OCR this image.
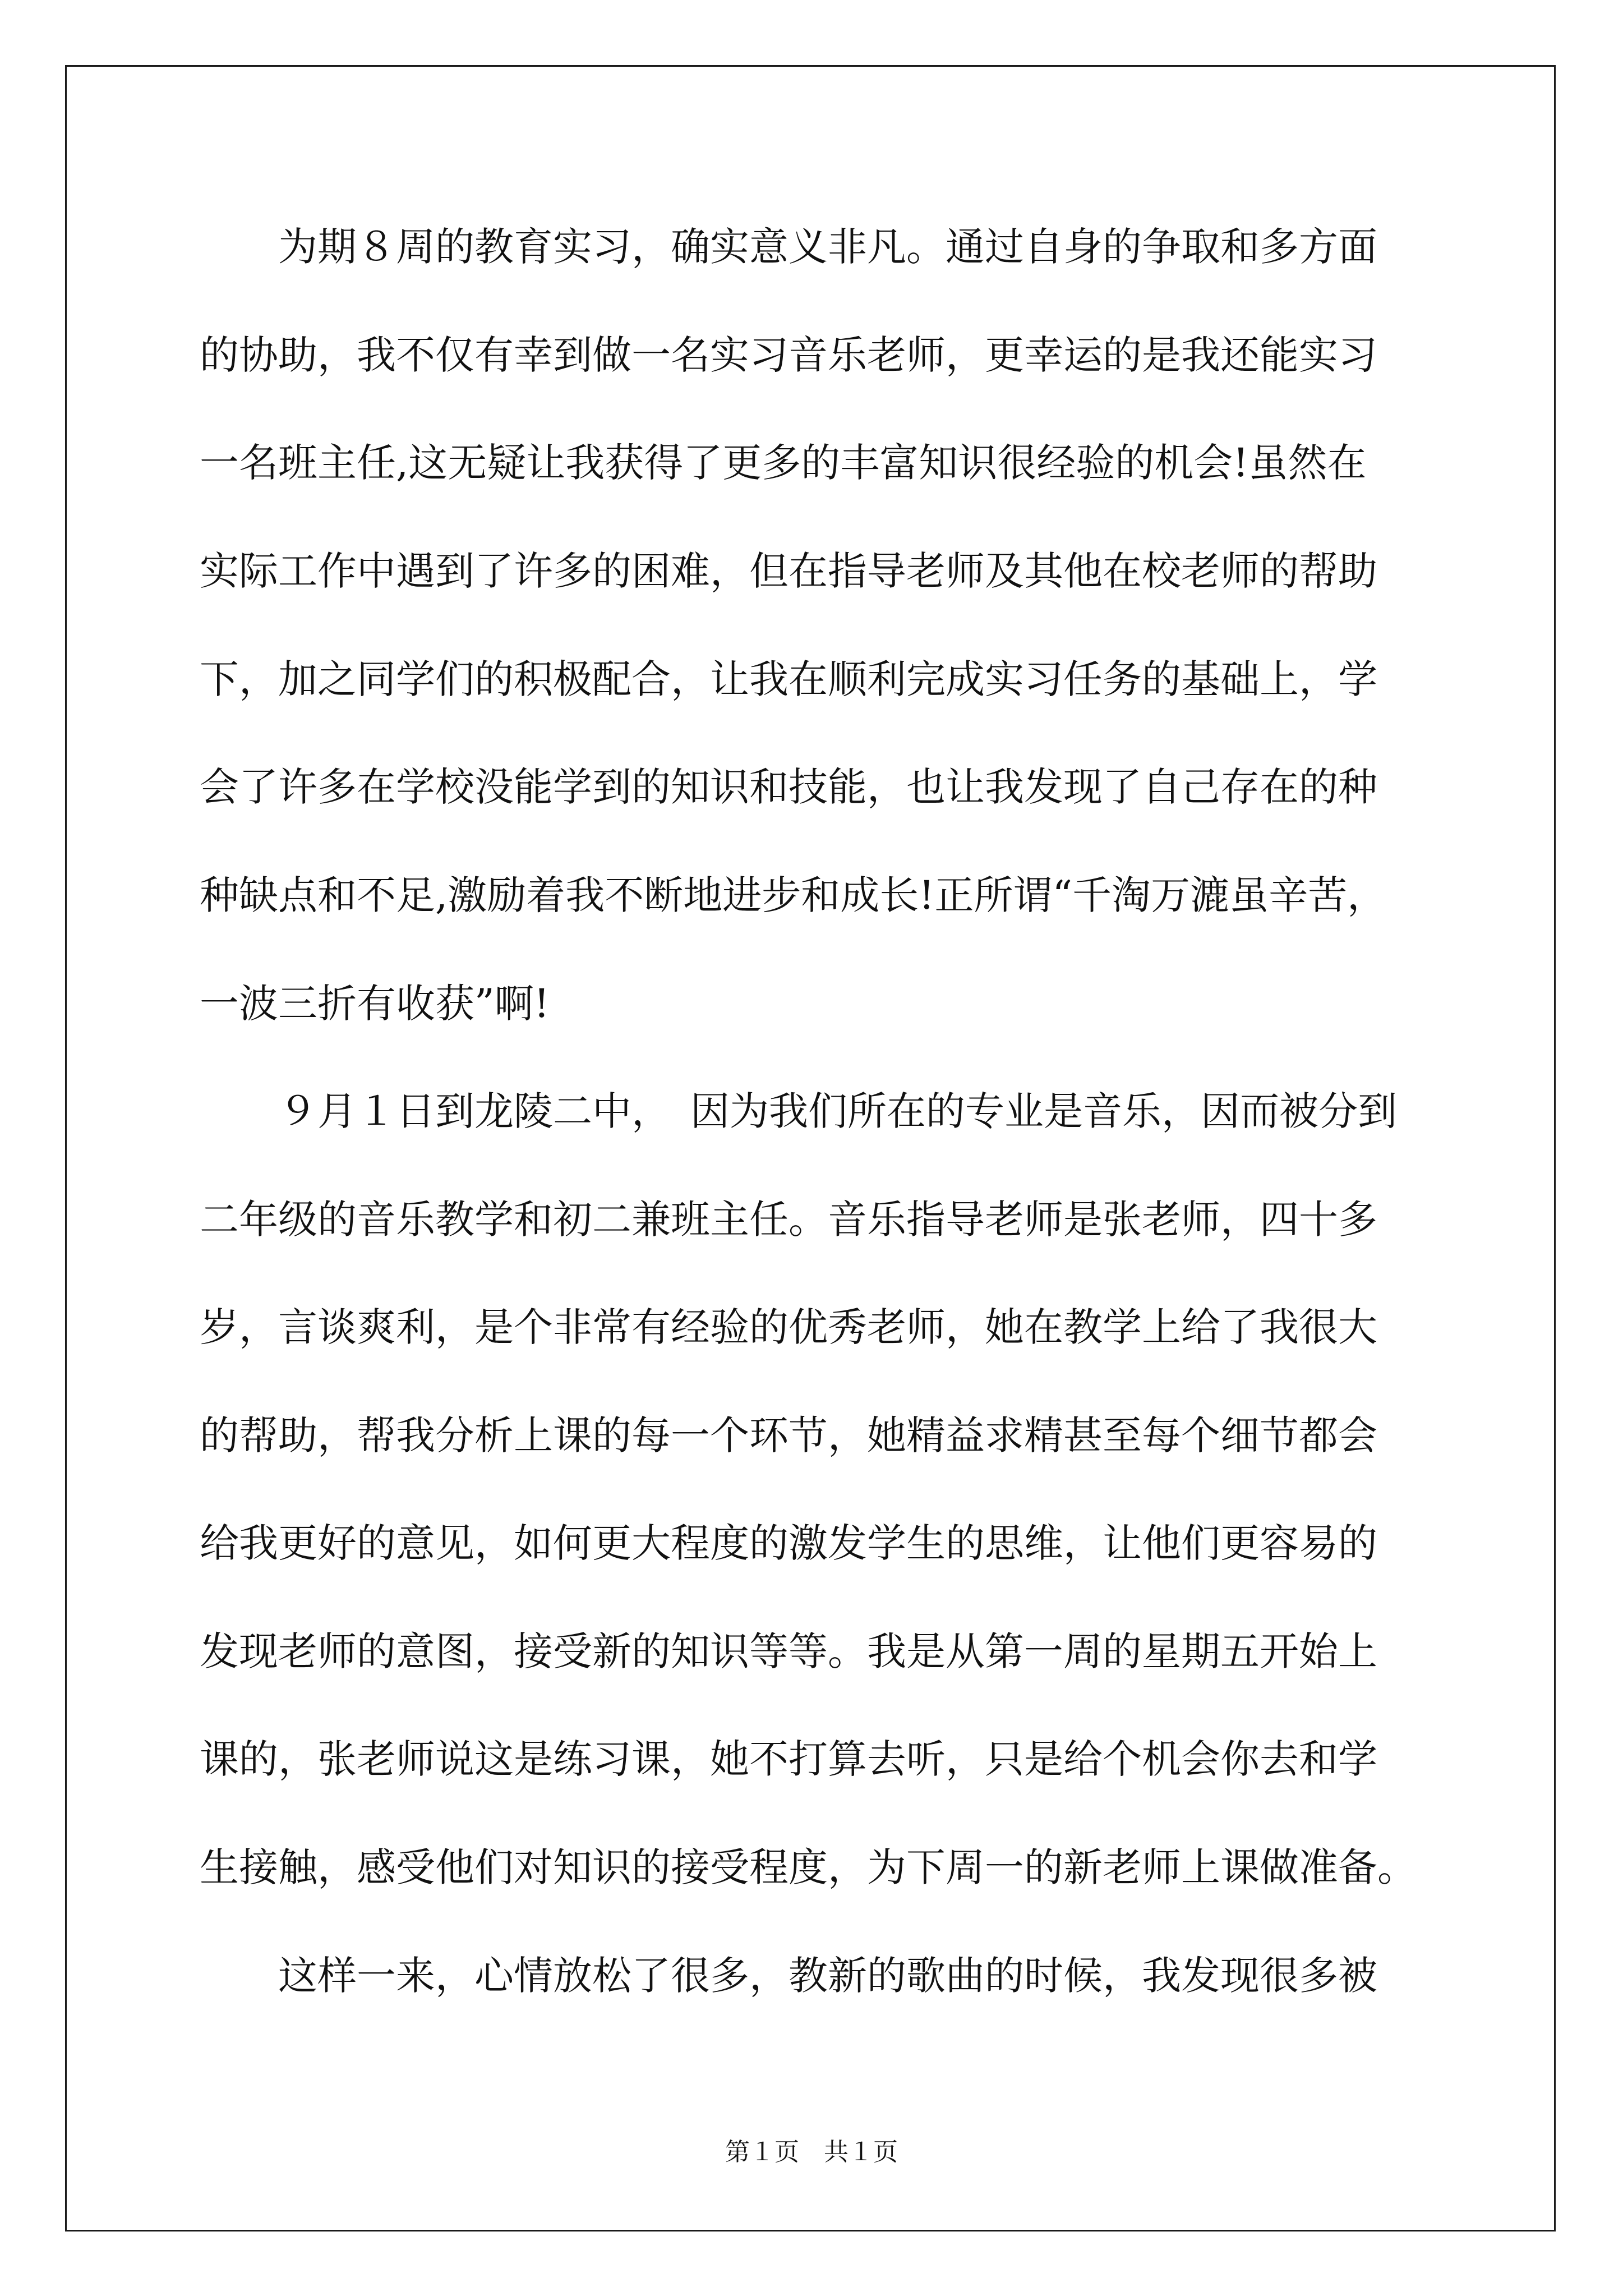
　　为期８周的教育实习，确实意义非凡。通过自身的争取和多方面
的协助，我不仅有幸到做一名实习音乐老师，更幸运的是我还能实习
一名班主任,这无疑让我获得了更多的丰富知识很经验的机会!虽然在
实际工作中遇到了许多的困难，但在指导老师及其他在校老师的帮助
下，加之同学们的积极配合，让我在顺利完成实习任务的基础上，学
会了许多在学校没能学到的知识和技能，也让我发现了自己存在的种
种缺点和不足,激励着我不断地进步和成长!正所谓“千淘万漉虽辛苦，
一波三折有收获”啊!
　　９月１日到龙陵二中，　因为我们所在的专业是音乐，因而被分到
二年级的音乐教学和初二兼班主任。音乐指导老师是张老师，四十多
岁，言谈爽利，是个非常有经验的优秀老师，她在教学上给了我很大
的帮助，帮我分析上课的每一个环节，她精益求精甚至每个细节都会
给我更好的意见，如何更大程度的激发学生的思维，让他们更容易的
发现老师的意图，接受新的知识等等。我是从第一周的星期五开始上
课的，张老师说这是练习课，她不打算去听，只是给个机会你去和学
生接触，感受他们对知识的接受程度，为下周一的新老师上课做准备。
　　这样一来，心情放松了很多，教新的歌曲的时候，我发现很多被
第１页　共１页
